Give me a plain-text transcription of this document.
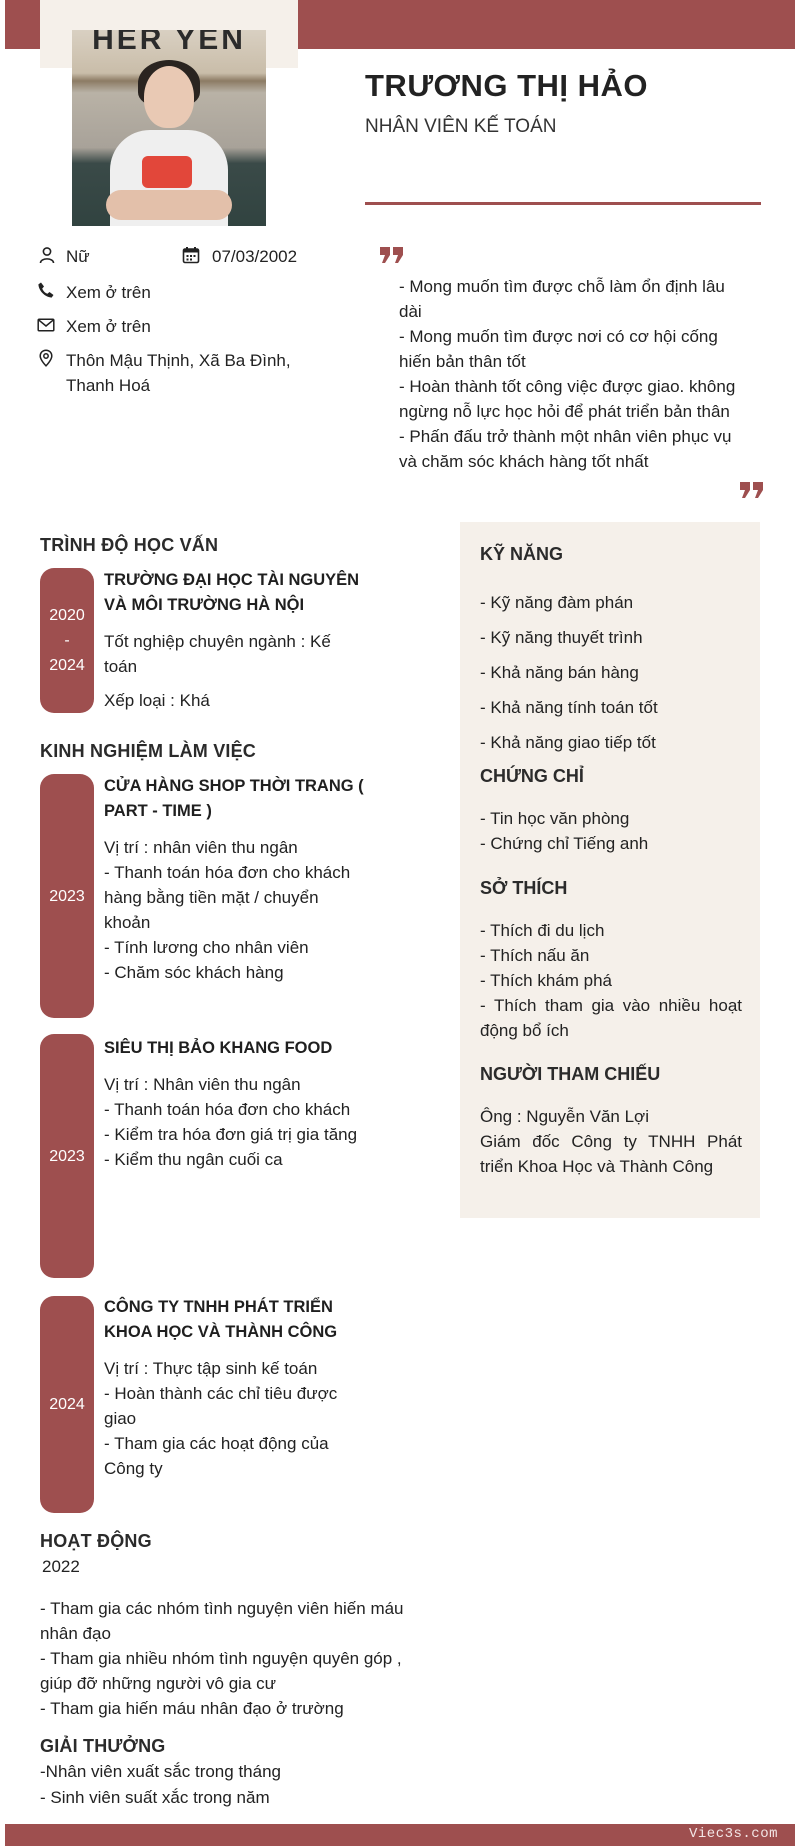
HER YEN
TRƯƠNG THỊ HẢO
NHÂN VIÊN KẾ TOÁN
Nữ	07/03/2002
Xem ở trên
Xem ở trên
Thôn Mậu Thịnh, Xã Ba Đình, Thanh Hoá
- Mong muốn tìm được chỗ làm ổn định lâu dài
- Mong muốn tìm được nơi có cơ hội cống hiến bản thân tốt
- Hoàn thành tốt công việc được giao. không ngừng nỗ lực học hỏi để phát triển bản thân
- Phấn đấu trở thành một nhân viên phục vụ và chăm sóc khách hàng tốt nhất
TRÌNH ĐỘ HỌC VẤN
2020
-
2024
TRƯỜNG ĐẠI HỌC TÀI NGUYÊN VÀ MÔI TRƯỜNG HÀ NỘI
Tốt nghiệp chuyên ngành : Kế toán
Xếp loại : Khá
KINH NGHIỆM LÀM VIỆC
2023
CỬA HÀNG SHOP THỜI TRANG ( PART - TIME )
Vị trí : nhân viên thu ngân
- Thanh toán hóa đơn cho khách hàng bằng tiền mặt / chuyển khoản
- Tính lương cho nhân viên
- Chăm sóc khách hàng
2023
SIÊU THỊ BẢO KHANG FOOD
Vị trí : Nhân viên thu ngân
- Thanh toán hóa đơn cho khách
- Kiểm tra hóa đơn giá trị gia tăng
- Kiểm thu ngân cuối ca
2024
CÔNG TY TNHH PHÁT TRIỂN KHOA HỌC VÀ THÀNH CÔNG
Vị trí : Thực tập sinh kế toán
- Hoàn thành các chỉ tiêu được giao
- Tham gia các hoạt động của Công ty
KỸ NĂNG
- Kỹ năng đàm phán
- Kỹ năng thuyết trình
- Khả năng bán hàng
- Khả năng tính toán tốt
- Khả năng giao tiếp tốt
CHỨNG CHỈ
- Tin học văn phòng
- Chứng chỉ Tiếng anh
SỞ THÍCH
- Thích đi du lịch
- Thích nấu ăn
- Thích khám phá
- Thích tham gia vào nhiều hoạt động bổ ích
NGƯỜI THAM CHIẾU
Ông : Nguyễn Văn Lợi
Giám đốc Công ty TNHH Phát triển Khoa Học và Thành Công
HOẠT ĐỘNG
2022
- Tham gia các nhóm tình nguyện viên hiến máu nhân đạo
- Tham gia nhiều nhóm tình nguyện quyên góp , giúp đỡ những người vô gia cư
- Tham gia hiến máu nhân đạo ở trường
GIẢI THƯỞNG
-Nhân viên xuất sắc trong tháng
- Sinh viên suất xắc trong năm
Viec3s.com
